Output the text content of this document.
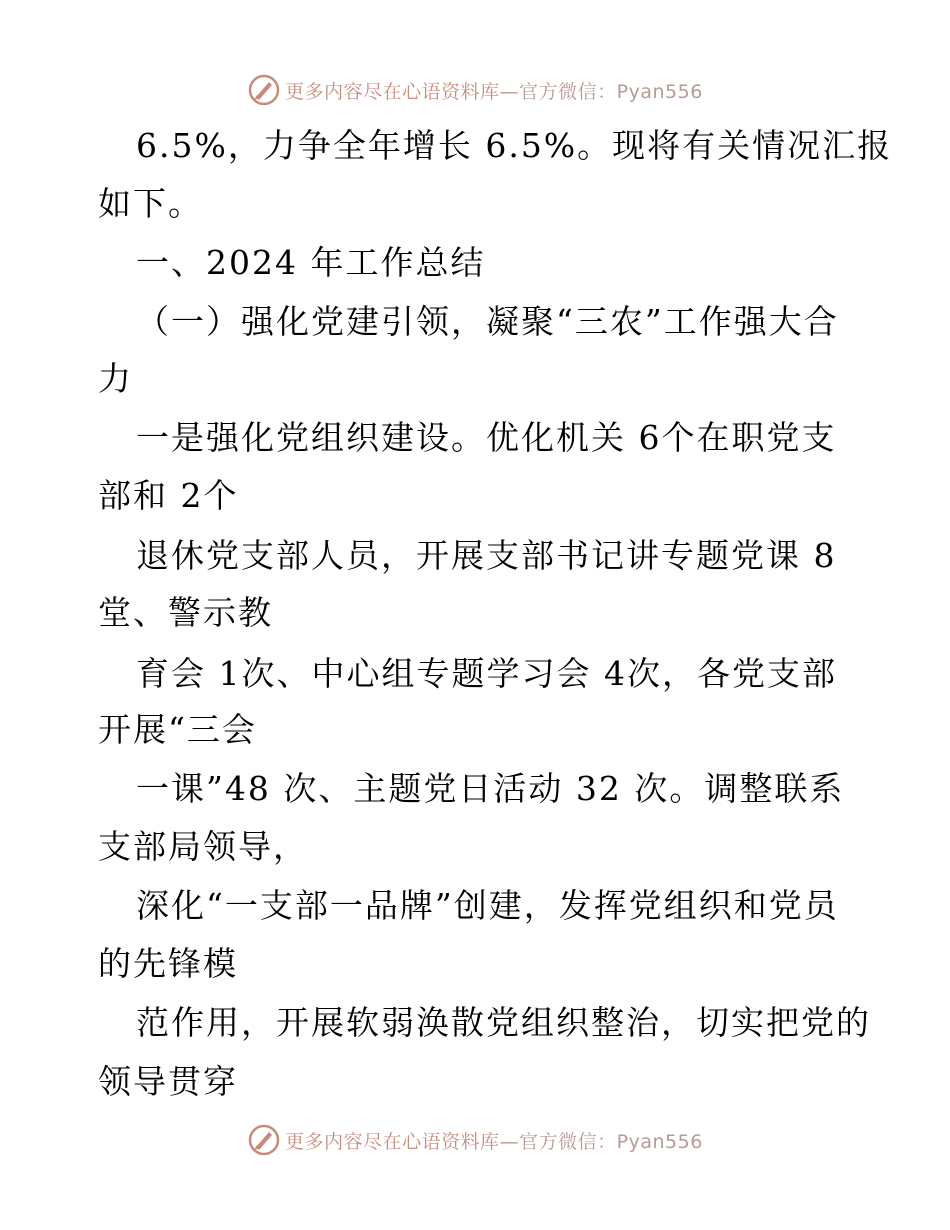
更多内容尽在心语资料库—官方微信：Pyan556
6.5%，力争全年增长 6.5%。现将有关情况汇报
如下。
一、2024 年工作总结
（一）强化党建引领，凝聚“三农”工作强大合
力
一是强化党组织建设。优化机关 6个在职党支
部和 2个
退休党支部人员，开展支部书记讲专题党课 8
堂、警示教
育会 1次、中心组专题学习会 4次，各党支部
开展“三会
一课”48 次、主题党日活动 32 次。调整联系
支部局领导，
深化“一支部一品牌”创建，发挥党组织和党员
的先锋模
范作用，开展软弱涣散党组织整治，切实把党的
领导贯穿
更多内容尽在心语资料库—官方微信：Pyan556
